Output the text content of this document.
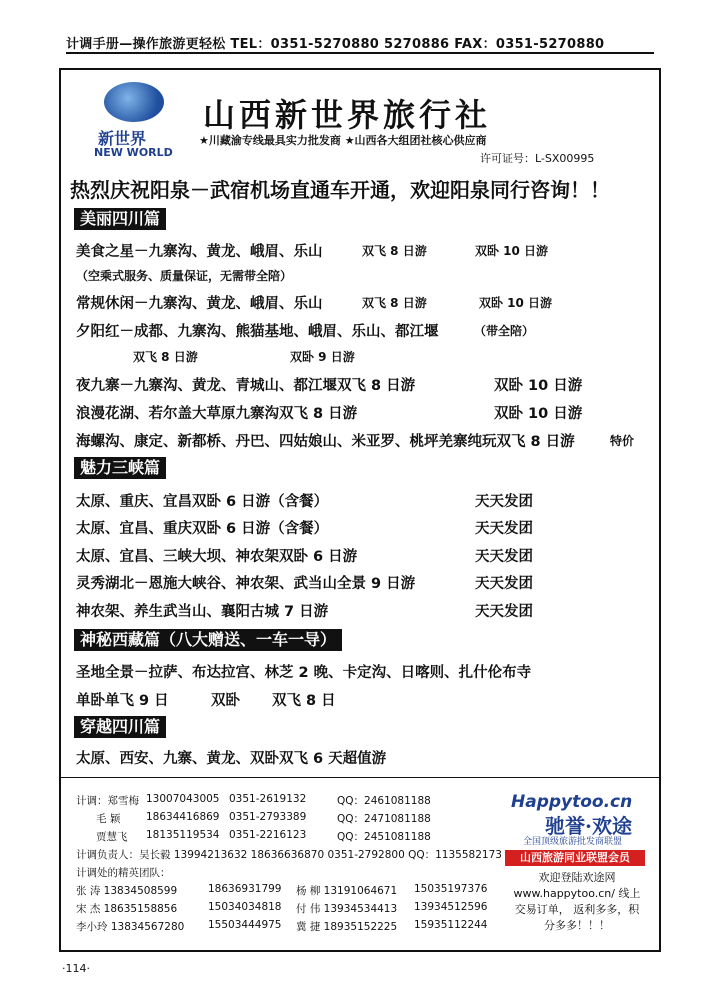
计调手册—操作旅游更轻松 TEL：0351-5270880 5270886 FAX：0351-5270880
新世界
NEW WORLD
山西新世界旅行社
★川藏渝专线最具实力批发商 ★山西各大组团社核心供应商
许可证号：L-SX00995
热烈庆祝阳泉－武宿机场直通车开通，欢迎阳泉同行咨询！！
美丽四川篇
美食之星－九寨沟、黄龙、峨眉、乐山	双飞 8 日游	双卧 10 日游
（空乘式服务、质量保证，无需带全陪）
常规休闲－九寨沟、黄龙、峨眉、乐山	双飞 8 日游	双卧 10 日游
夕阳红－成都、九寨沟、熊猫基地、峨眉、乐山、都江堰	（带全陪）
双飞 8 日游	双卧 9 日游
夜九寨－九寨沟、黄龙、青城山、都江堰双飞 8 日游	双卧 10 日游
浪漫花湖、若尔盖大草原九寨沟双飞 8 日游	双卧 10 日游
海螺沟、康定、新都桥、丹巴、四姑娘山、米亚罗、桃坪羌寨纯玩双飞 8 日游	特价
魅力三峡篇
太原、重庆、宜昌双卧 6 日游（含餐）	天天发团
太原、宜昌、重庆双卧 6 日游（含餐）	天天发团
太原、宜昌、三峡大坝、神农架双卧 6 日游	天天发团
灵秀湖北－恩施大峡谷、神农架、武当山全景 9 日游	天天发团
神农架、养生武当山、襄阳古城 7 日游	天天发团
神秘西藏篇（八大赠送、一车一导）
圣地全景－拉萨、布达拉宫、林芝 2 晚、卡定沟、日喀则、扎什伦布寺
单卧单飞 9 日	双卧 双飞 8 日
穿越四川篇
太原、西安、九寨、黄龙、双卧双飞 6 天超值游
计调：郑雪梅 13007043005 0351-2619132	QQ：2461081188
毛 颖 18634416869 0351-2793389	QQ：2471081188
贾慧飞 18135119534 0351-2216123	QQ：2451081188
计调负责人：吴长毅 13994213632 18636636870 0351-2792800 QQ：1135582173
计调处的精英团队：
张 涛 13834508599	18636931799 杨 柳 13191064671 15035197376
宋 杰 18635158856	15034034818 付 伟 13934534413 13934512596
李小玲 13834567280 15503444975 冀 捷 18935152225 15935112244
Happytoo.cn
驰誉·欢途
全国顶级旅游批发商联盟
山西旅游同业联盟会员
欢迎登陆欢途网 www.happytoo.cn/ 线上交易订单， 返利多多，积分多多！！！
·114·
